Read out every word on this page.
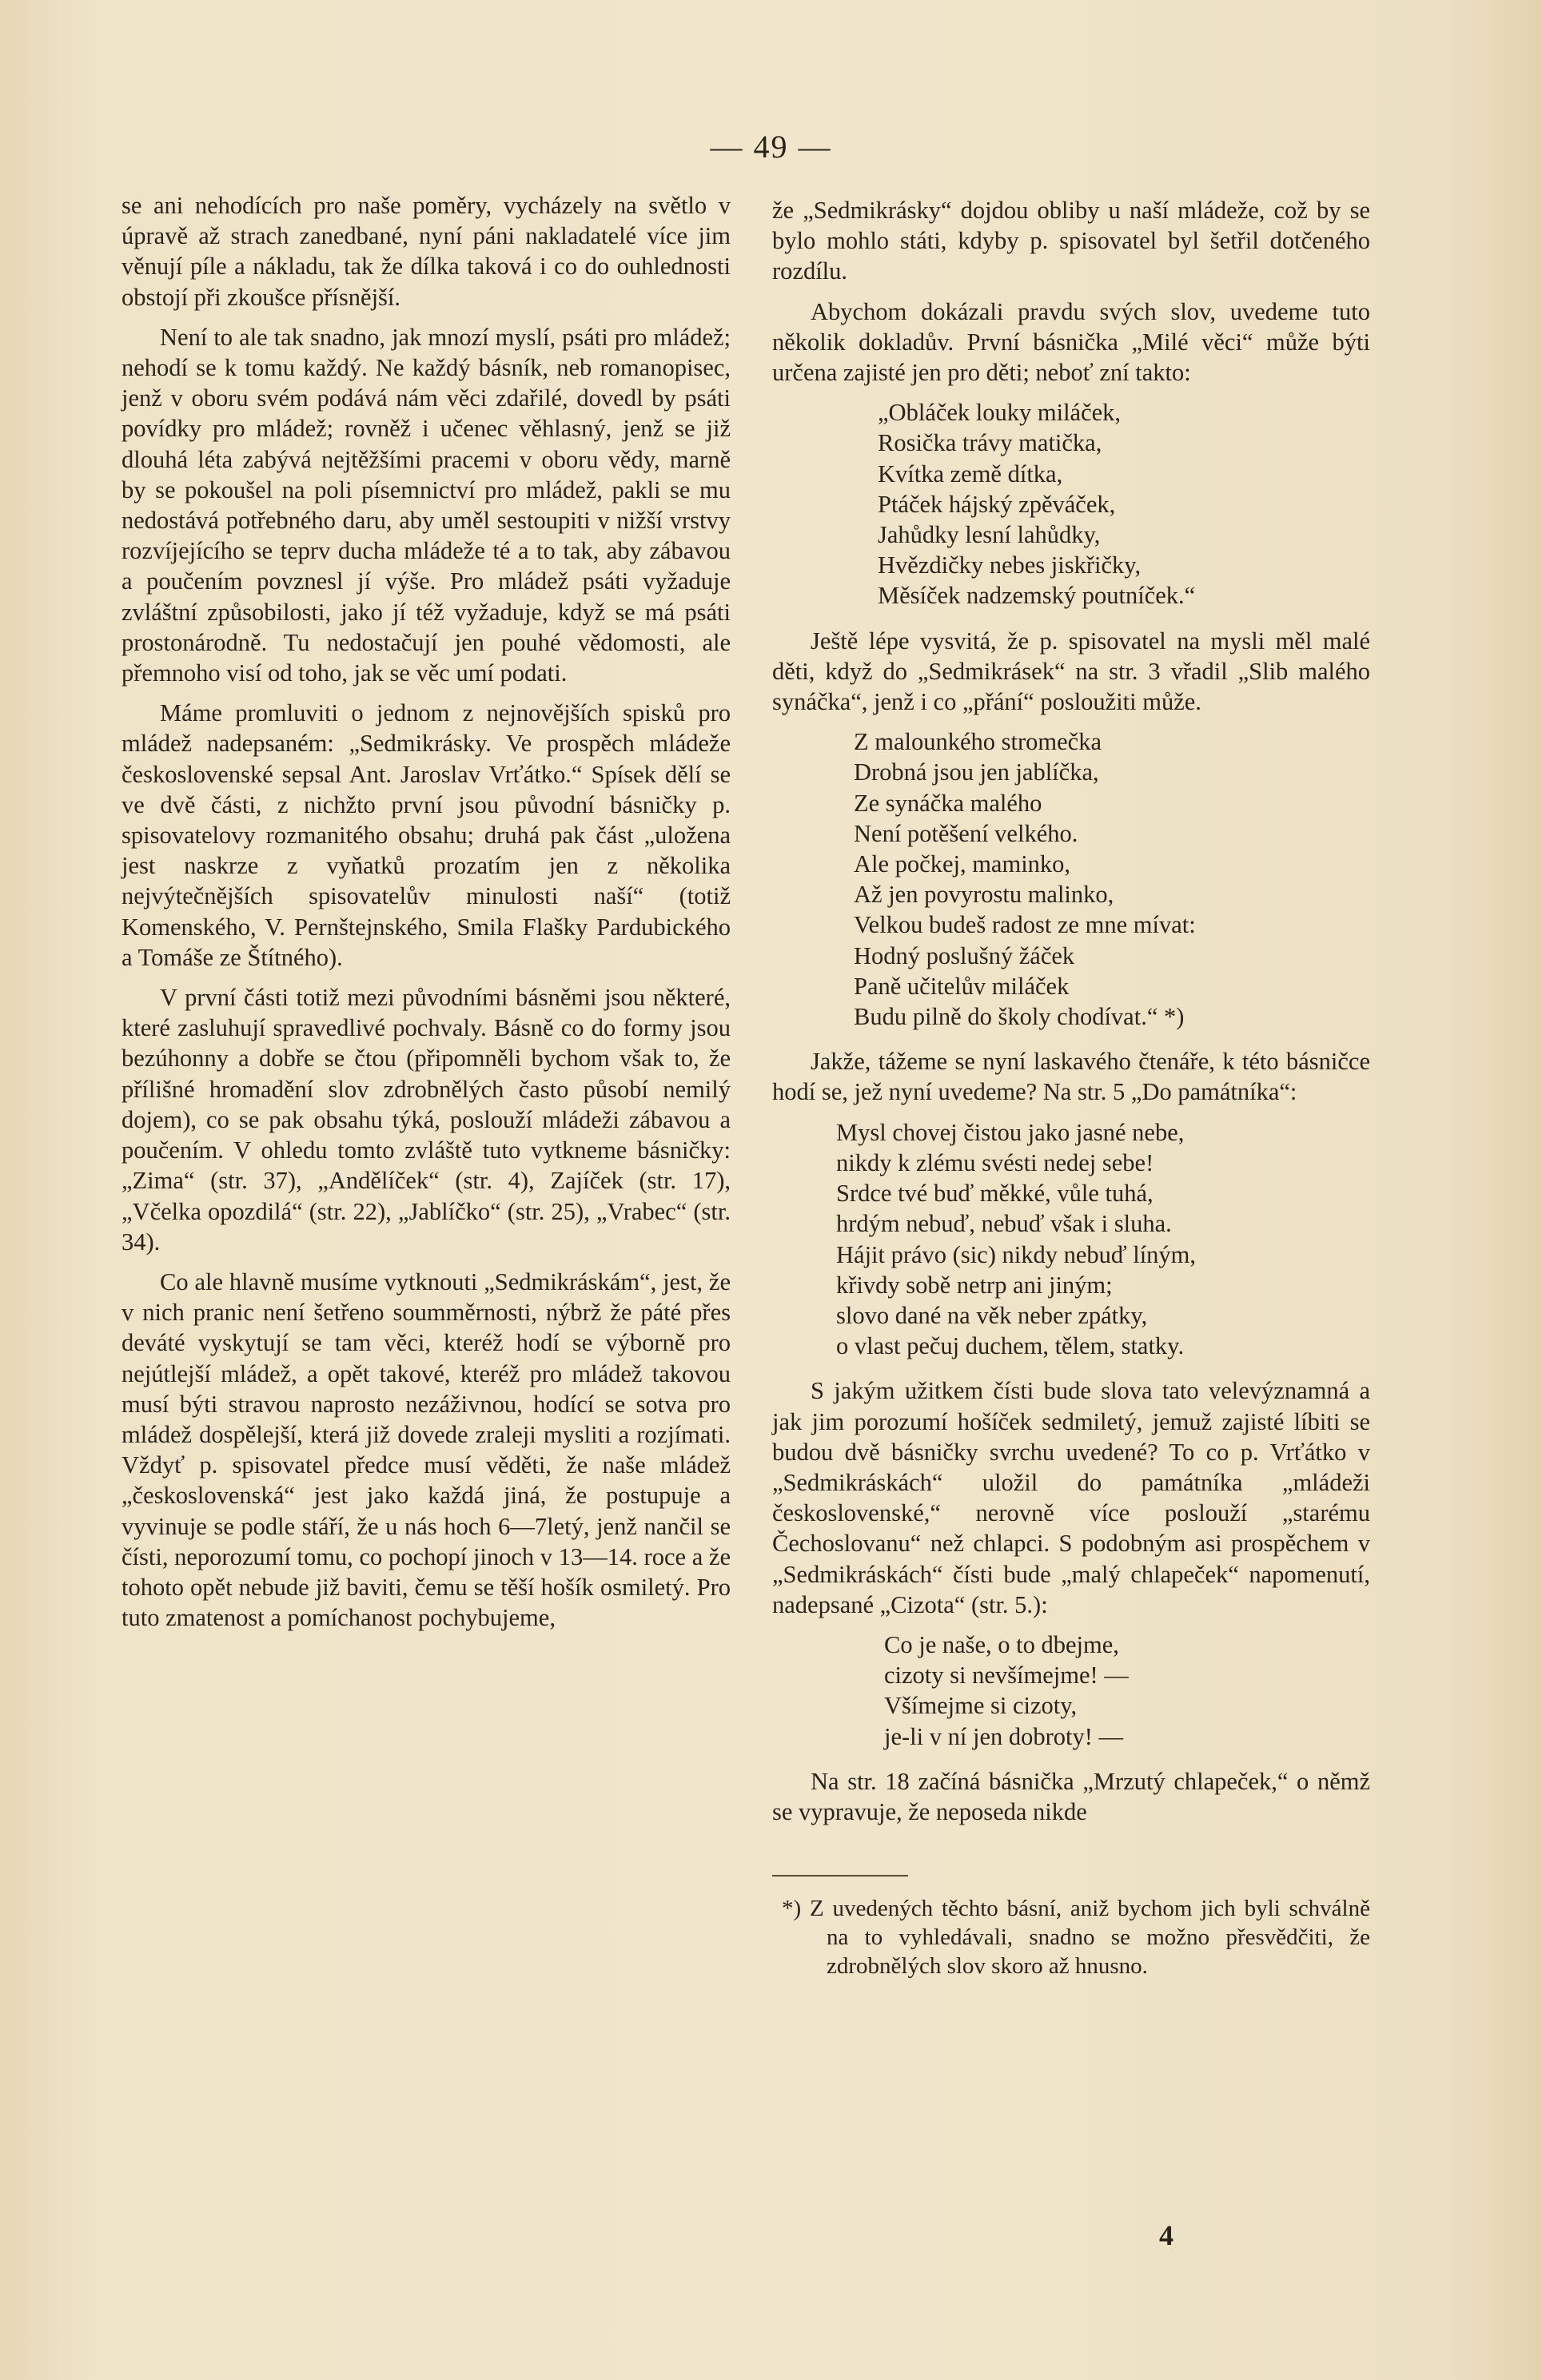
— 49 —

se ani nehodících pro naše poměry, vycházely na světlo v úpravě až strach zanedbané, nyní páni nakladatelé více jim věnují píle a nákladu, tak že dílka taková i co do ouhlednosti obstojí při zkoušce přísnější.

Není to ale tak snadno, jak mnozí myslí, psáti pro mládež; nehodí se k tomu každý. Ne každý básník, neb romanopisec, jenž v oboru svém podává nám věci zdařilé, dovedl by psáti povídky pro mládež; rovněž i učenec věhlasný, jenž se již dlouhá léta zabývá nejtěžšími pracemi v oboru vědy, marně by se pokoušel na poli písemnictví pro mládež, pakli se mu nedostává potřebného daru, aby uměl sestoupiti v nižší vrstvy rozvíjejícího se teprv ducha mládeže té a to tak, aby zábavou a poučením povznesl jí výše. Pro mládež psáti vyžaduje zvláštní způsobilosti, jako jí též vyžaduje, když se má psáti prostonárodně. Tu nedostačují jen pouhé vědomosti, ale přemnoho visí od toho, jak se věc umí podati.

Máme promluviti o jednom z nejnovějších spisků pro mládež nadepsaném: „Sedmikrásky. Ve prospěch mládeže československé sepsal Ant. Jaroslav Vrťátko.“ Spísek dělí se ve dvě části, z nichžto první jsou původní básničky p. spisovatelovy rozmanitého obsahu; druhá pak část „uložena jest naskrze z vyňatků prozatím jen z několika nejvýtečnějších spisovatelův minulosti naší“ (totiž Komenského, V. Pernštejnského, Smila Flašky Pardubického a Tomáše ze Štítného).

V první části totiž mezi původními básněmi jsou některé, které zasluhují spravedlivé pochvaly. Básně co do formy jsou bezúhonny a dobře se čtou (připomněli bychom však to, že přílišné hromadění slov zdrobnělých často působí nemilý dojem), co se pak obsahu týká, poslouží mládeži zábavou a poučením. V ohledu tomto zvláště tuto vytkneme básničky: „Zima“ (str. 37), „Andělíček“ (str. 4), Zajíček (str. 17), „Včelka opozdilá“ (str. 22), „Jablíčko“ (str. 25), „Vrabec“ (str. 34).

Co ale hlavně musíme vytknouti „Sedmikráskám“, jest, že v nich pranic není šetřeno soumměrnosti, nýbrž že páté přes deváté vyskytují se tam věci, kteréž hodí se výborně pro nejútlejší mládež, a opět takové, kteréž pro mládež takovou musí býti stravou naprosto nezáživnou, hodící se sotva pro mládež dospělejší, která již dovede zraleji mysliti a rozjímati. Vždyť p. spisovatel předce musí věděti, že naše mládež „československá“ jest jako každá jiná, že postupuje a vyvinuje se podle stáří, že u nás hoch 6—7letý, jenž nančil se čísti, neporozumí tomu, co pochopí jinoch v 13—14. roce a že tohoto opět nebude již baviti, čemu se těší hošík osmiletý. Pro tuto zmatenost a pomíchanost pochybujeme,

že „Sedmikrásky“ dojdou obliby u naší mládeže, což by se bylo mohlo státi, kdyby p. spisovatel byl šetřil dotčeného rozdílu.

Abychom dokázali pravdu svých slov, uvedeme tuto několik dokladův. První básnička „Milé věci“ může býti určena zajisté jen pro děti; neboť zní takto:

„Obláček louky miláček,
Rosička trávy matička,
Kvítka země dítka,
Ptáček hájský zpěváček,
Jahůdky lesní lahůdky,
Hvězdičky nebes jiskřičky,
Měsíček nadzemský poutníček.“

Ještě lépe vysvitá, že p. spisovatel na mysli měl malé děti, když do „Sedmikrásek“ na str. 3 vřadil „Slib malého synáčka“, jenž i co „přání“ posloužiti může.

Z malounkého stromečka
Drobná jsou jen jablíčka,
Ze synáčka malého
Není potěšení velkého.
Ale počkej, maminko,
Až jen povyrostu malinko,
Velkou budeš radost ze mne mívat:
Hodný poslušný žáček
Paně učitelův miláček
Budu pilně do školy chodívat.“ *)

Jakže, tážeme se nyní laskavého čtenáře, k této básničce hodí se, jež nyní uvedeme? Na str. 5 „Do památníka“:

Mysl chovej čistou jako jasné nebe,
nikdy k zlému svésti nedej sebe!
Srdce tvé buď měkké, vůle tuhá,
hrdým nebuď, nebuď však i sluha.
Hájit právo (sic) nikdy nebuď líným,
křivdy sobě netrp ani jiným;
slovo dané na věk neber zpátky,
o vlast pečuj duchem, tělem, statky.

S jakým užitkem čísti bude slova tato velevýznamná a jak jim porozumí hošíček sedmiletý, jemuž zajisté líbiti se budou dvě básničky svrchu uvedené? To co p. Vrťátko v „Sedmikráskách“ uložil do památníka „mládeži československé,“ nerovně více poslouží „starému Čechoslovanu“ než chlapci. S podobným asi prospěchem v „Sedmikráskách“ čísti bude „malý chlapeček“ napomenutí, nadepsané „Cizota“ (str. 5.):

Co je naše, o to dbejme,
cizoty si nevšímejme! —
Všímejme si cizoty,
je-li v ní jen dobroty! —

Na str. 18 začíná básnička „Mrzutý chlapeček,“ o němž se vypravuje, že neposeda nikde

*) Z uvedených těchto básní, aniž bychom jich byli schválně na to vyhledávali, snadno se možno přesvědčiti, že zdrobnělých slov skoro až hnusno.
4
